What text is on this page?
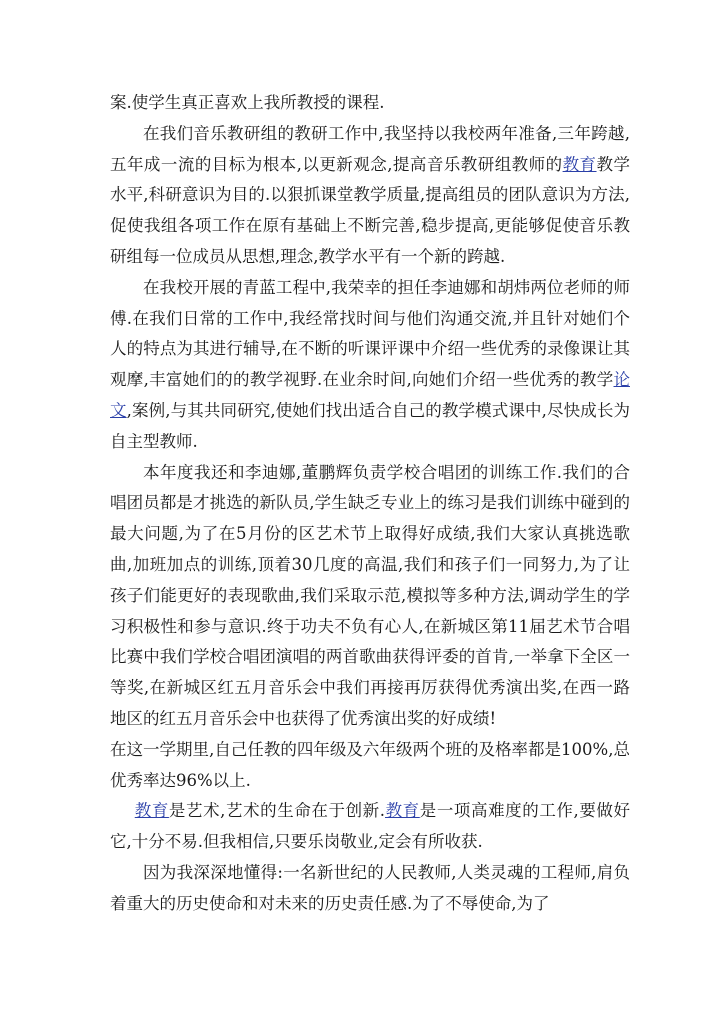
案.使学生真正喜欢上我所教授的课程.

在我们音乐教研组的教研工作中,我坚持以我校两年准备,三年跨越,五年成一流的目标为根本,以更新观念,提高音乐教研组教师的教育教学水平,科研意识为目的.以狠抓课堂教学质量,提高组员的团队意识为方法,促使我组各项工作在原有基础上不断完善,稳步提高,更能够促使音乐教研组每一位成员从思想,理念,教学水平有一个新的跨越.

在我校开展的青蓝工程中,我荣幸的担任李迪娜和胡炜两位老师的师傅.在我们日常的工作中,我经常找时间与他们沟通交流,并且针对她们个人的特点为其进行辅导,在不断的听课评课中介绍一些优秀的录像课让其观摩,丰富她们的的教学视野.在业余时间,向她们介绍一些优秀的教学论文,案例,与其共同研究,使她们找出适合自己的教学模式课中,尽快成长为自主型教师.

本年度我还和李迪娜,董鹏辉负责学校合唱团的训练工作.我们的合唱团员都是才挑选的新队员,学生缺乏专业上的练习是我们训练中碰到的最大问题,为了在5月份的区艺术节上取得好成绩,我们大家认真挑选歌曲,加班加点的训练,顶着30几度的高温,我们和孩子们一同努力,为了让孩子们能更好的表现歌曲,我们采取示范,模拟等多种方法,调动学生的学习积极性和参与意识.终于功夫不负有心人,在新城区第11届艺术节合唱比赛中我们学校合唱团演唱的两首歌曲获得评委的首肯,一举拿下全区一等奖,在新城区红五月音乐会中我们再接再厉获得优秀演出奖,在西一路地区的红五月音乐会中也获得了优秀演出奖的好成绩!

在这一学期里,自己任教的四年级及六年级两个班的及格率都是100%,总优秀率达96%以上.

教育是艺术,艺术的生命在于创新.教育是一项高难度的工作,要做好它,十分不易.但我相信,只要乐岗敬业,定会有所收获.

因为我深深地懂得:一名新世纪的人民教师,人类灵魂的工程师,肩负着重大的历史使命和对未来的历史责任感.为了不辱使命,为了
